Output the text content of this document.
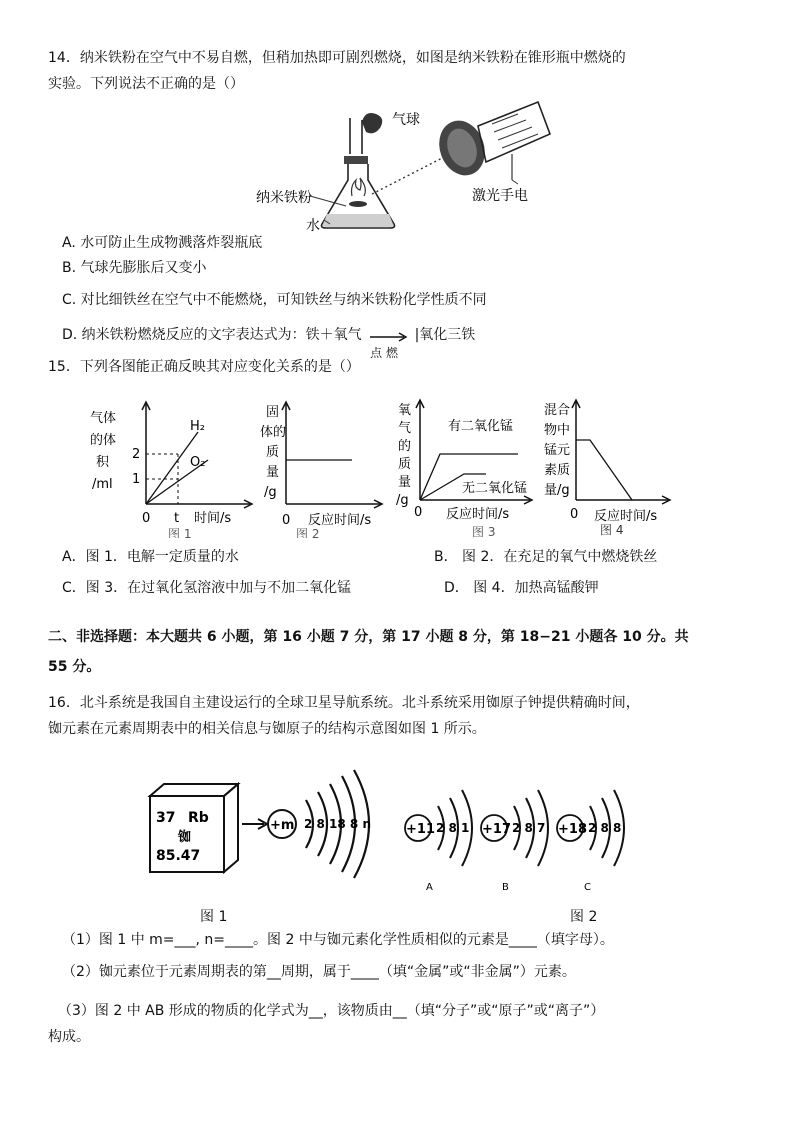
14．纳米铁粉在空气中不易自燃，但稍加热即可剧烈燃烧，如图是纳米铁粉在锥形瓶中燃烧的
实验。下列说法不正确的是（）
气球
纳米铁粉
水
激光手电
A. 水可防止生成物溅落炸裂瓶底
B. 气球先膨胀后又变小
C. 对比细铁丝在空气中不能燃烧，可知铁丝与纳米铁粉化学性质不同
D. 纳米铁粉燃烧反应的文字表达式为：铁＋氧气
点 燃
|氧化三铁
15．下列各图能正确反映其对应变化关系的是（）
气体
的体
积
/ml
2
1
H₂
O₂
0 t 时间/s
图 1
固
体的
质
量
/g
0 反应时间/s
图 2
氧
气
的
质
量
/g
有二氧化锰
无二氧化锰
0 反应时间/s
图 3
混合
物中
锰元
素质
量/g
0 反应时间/s
图 4
A．图 1．电解一定质量的水	B． 图 2．在充足的氧气中燃烧铁丝
C．图 3．在过氧化氢溶液中加与不加二氧化锰	D． 图 4．加热高锰酸钾
二、非选择题：本大题共 6 小题，第 16 小题 7 分，第 17 小题 8 分，第 18−21 小题各 10 分。共
55 分。
16．北斗系统是我国自主建设运行的全球卫星导航系统。北斗系统采用铷原子钟提供精确时间，
铷元素在元素周期表中的相关信息与铷原子的结构示意图如图 1 所示。
37 Rb
铷
85.47
+m 2 8 18 8 n	+11 2 8 1
A
+17 2 8 7
B
+18 2 8 8
C
图 1	图 2
（1）图 1 中 m=___, n=____。图 2 中与铷元素化学性质相似的元素是____（填字母）。
（2）铷元素位于元素周期表的第__周期，属于____（填“金属”或“非金属”）元素。
（3）图 2 中 AB 形成的物质的化学式为__，该物质由__（填“分子”或“原子”或“离子”）
构成。
